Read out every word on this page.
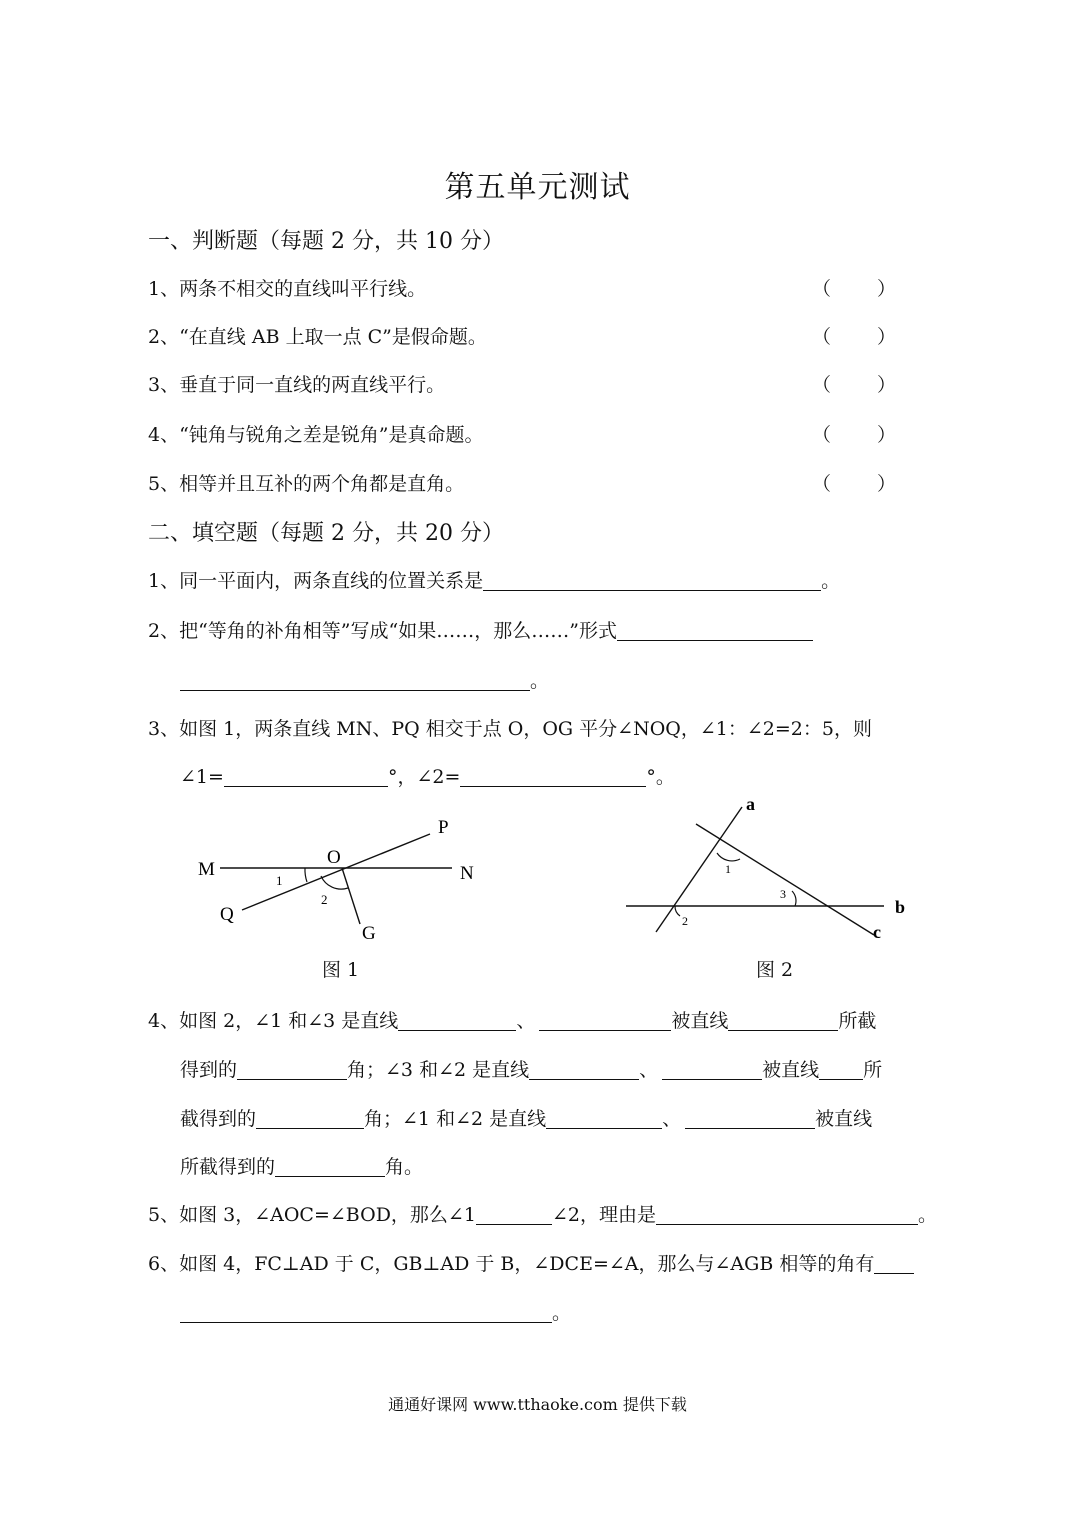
第五单元测试
一、判断题（每题 2 分，共 10 分）
1、两条不相交的直线叫平行线。	（ ）
2、“在直线 AB 上取一点 C”是假命题。	（ ）
3、垂直于同一直线的两直线平行。	（ ）
4、“钝角与锐角之差是锐角”是真命题。	（ ）
5、相等并且互补的两个角都是直角。	（ ）
二、填空题（每题 2 分，共 20 分）
1、同一平面内，两条直线的位置关系是	。
2、把“等角的补角相等”写成“如果……，那么……”形式
。
3、如图 1，两条直线 MN、PQ 相交于点 O，OG 平分∠NOQ，∠1：∠2=2：5，则
∠1=	°，∠2=	°。
M	N
O
P
Q
G
1
2
图 1
a
b
c
1
3
2
图 2
4、如图 2，∠1 和∠3 是直线	、	被直线	所截
得到的	角；∠3 和∠2 是直线	、	被直线 所
截得到的	角；∠1 和∠2 是直线	、	被直线
所截得到的	角。
5、如图 3，∠AOC=∠BOD，那么∠1	∠2，理由是	。
6、如图 4，FC⊥AD 于 C，GB⊥AD 于 B，∠DCE=∠A，那么与∠AGB 相等的角有
。
通通好课网 www.tthaoke.com 提供下载
